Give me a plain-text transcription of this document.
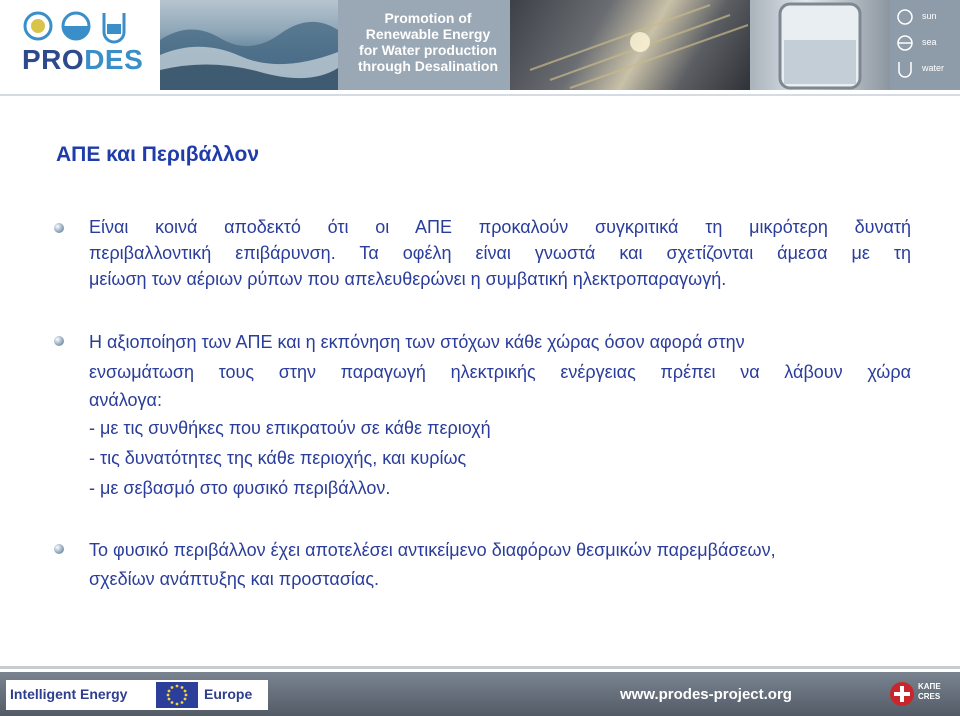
PRODES
Promotion of
Renewable Energy
for Water production
through Desalination
sun
sea
water
ΑΠΕ και Περιβάλλον
Είναι κοινά αποδεκτό ότι οι ΑΠΕ προκαλούν συγκριτικά τη μικρότερη δυνατή
περιβαλλοντική επιβάρυνση. Τα οφέλη είναι γνωστά και σχετίζονται άμεσα με τη
μείωση των αέριων ρύπων που απελευθερώνει η συμβατική ηλεκτροπαραγωγή.
Η αξιοποίηση των ΑΠΕ και η εκπόνηση των στόχων κάθε χώρας όσον αφορά στην
ενσωμάτωση τους στην παραγωγή ηλεκτρικής ενέργειας πρέπει να λάβουν χώρα
ανάλογα:
- με τις συνθήκες που επικρατούν σε κάθε περιοχή
- τις δυνατότητες της κάθε περιοχής, και κυρίως
- με σεβασμό στο φυσικό περιβάλλον.
Το φυσικό περιβάλλον έχει αποτελέσει αντικείμενο διαφόρων θεσμικών παρεμβάσεων,
σχεδίων ανάπτυξης και προστασίας.
Intelligent Energy	Europe	www.prodes-project.org	ΚΑΠΕ
CRES
